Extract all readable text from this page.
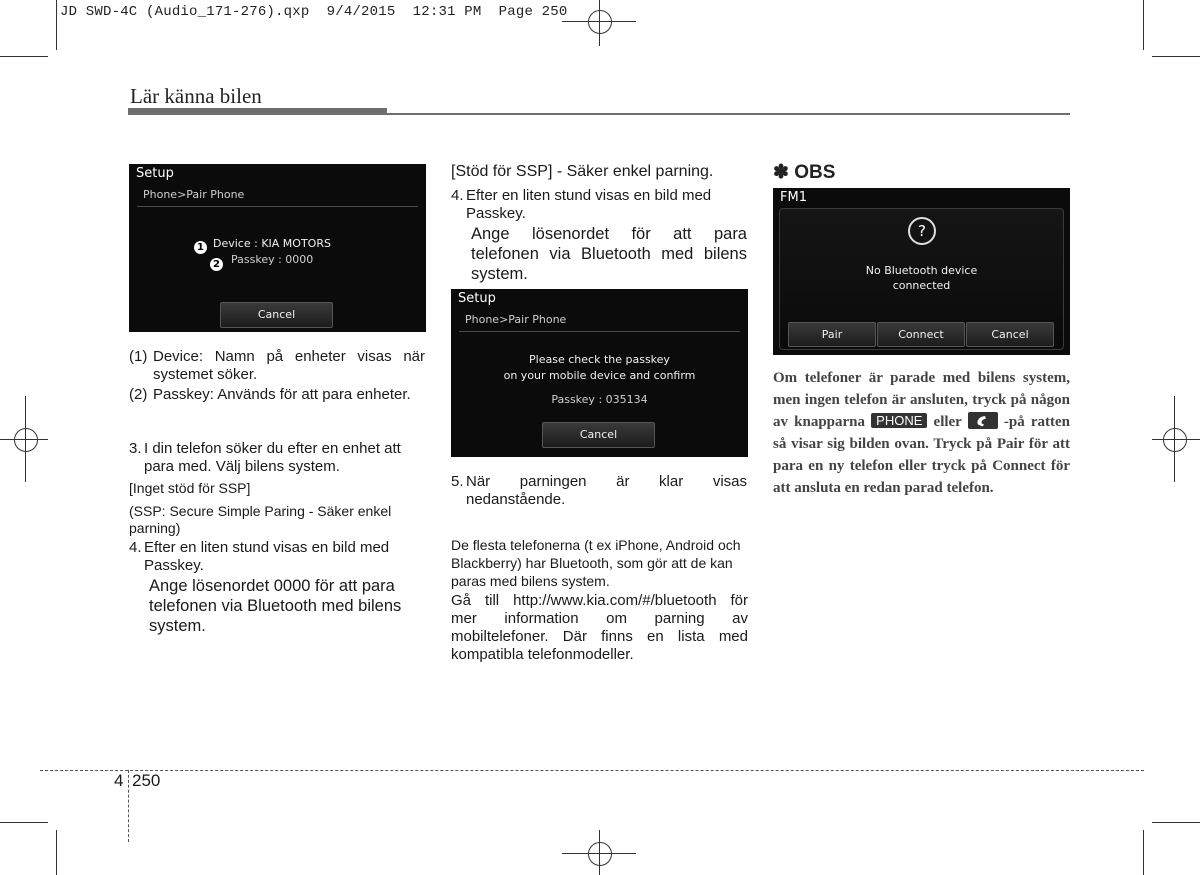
JD SWD-4C (Audio_171-276).qxp  9/4/2015  12:31 PM  Page 250
Lär känna bilen
Setup
Phone>Pair Phone
1 Device : KIA MOTORS
2 Passkey : 0000
Cancel
(1) Device: Namn på enheter visas när systemet söker.
(2) Passkey: Används för att para enheter.
3. I din telefon söker du efter en enhet att para med. Välj bilens system.
[Inget stöd för SSP]
(SSP: Secure Simple Paring - Säker enkel parning)
4. Efter en liten stund visas en bild med Passkey.
Ange lösenordet 0000 för att para telefonen via Bluetooth med bilens system.
[Stöd för SSP] - Säker enkel parning.
4. Efter en liten stund visas en bild med Passkey.
Ange lösenordet för att para telefonen via Bluetooth med bilens system.
Setup
Phone>Pair Phone
Please check the passkey
on your mobile device and confirm
Passkey : 035134
Cancel
5. När parningen är klar visas nedanstående.
De flesta telefonerna (t ex iPhone, Android och Blackberry) har Bluetooth, som gör att de kan paras med bilens system.
Gå till http://www.kia.com/#/bluetooth för mer information om parning av mobiltelefoner. Där finns en lista med kompatibla telefonmodeller.
✽ OBS
FM1
?
No Bluetooth device
connected
Pair	Connect	Cancel
Om telefoner är parade med bilens system, men ingen telefon är ansluten, tryck på någon av knapparna PHONE eller	-på ratten så visar sig bilden ovan. Tryck på Pair för att para en ny telefon eller tryck på Connect för att ansluta en redan parad telefon.
4 250
